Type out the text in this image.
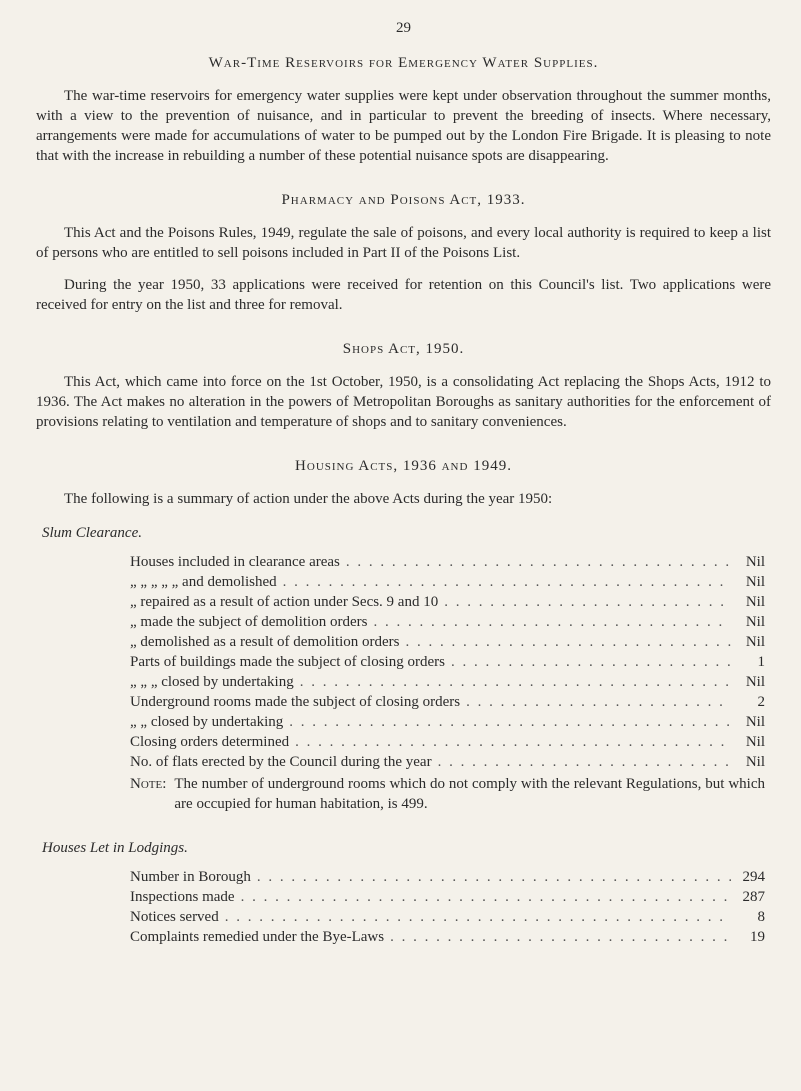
29
War-Time Reservoirs for Emergency Water Supplies.

The war-time reservoirs for emergency water supplies were kept under observation throughout the summer months, with a view to the prevention of nuisance, and in particular to prevent the breeding of insects. Where necessary, arrangements were made for accumulations of water to be pumped out by the London Fire Brigade. It is pleasing to note that with the increase in rebuilding a number of these potential nuisance spots are disappearing.

Pharmacy and Poisons Act, 1933.

This Act and the Poisons Rules, 1949, regulate the sale of poisons, and every local authority is required to keep a list of persons who are entitled to sell poisons included in Part II of the Poisons List.

During the year 1950, 33 applications were received for retention on this Council's list. Two applications were received for entry on the list and three for removal.

Shops Act, 1950.

This Act, which came into force on the 1st October, 1950, is a consolidating Act replacing the Shops Acts, 1912 to 1936. The Act makes no alteration in the powers of Metropolitan Boroughs as sanitary authorities for the enforcement of provisions relating to ventilation and temperature of shops and to sanitary conveniences.

Housing Acts, 1936 and 1949.

The following is a summary of action under the above Acts during the year 1950:

Slum Clearance.
Houses included in clearance areas . . .	Nil
„ „ „ „ „ and demolished . . .	Nil
„ repaired as a result of action under Secs. 9 and 10 . . .	Nil
„ made the subject of demolition orders . . .	Nil
„ demolished as a result of demolition orders . . .	Nil
Parts of buildings made the subject of closing orders . . .	1
„ „ „ closed by undertaking . . .	Nil
Underground rooms made the subject of closing orders . . .	2
„ „ closed by undertaking . . .	Nil
Closing orders determined . . .	Nil
No. of flats erected by the Council during the year . . .	Nil
Note: The number of underground rooms which do not comply with the relevant Regulations, but which are occupied for human habitation, is 499.
Houses Let in Lodgings.
Number in Borough . . .	294
Inspections made . . .	287
Notices served . . .	8
Complaints remedied under the Bye-Laws . . .	19
